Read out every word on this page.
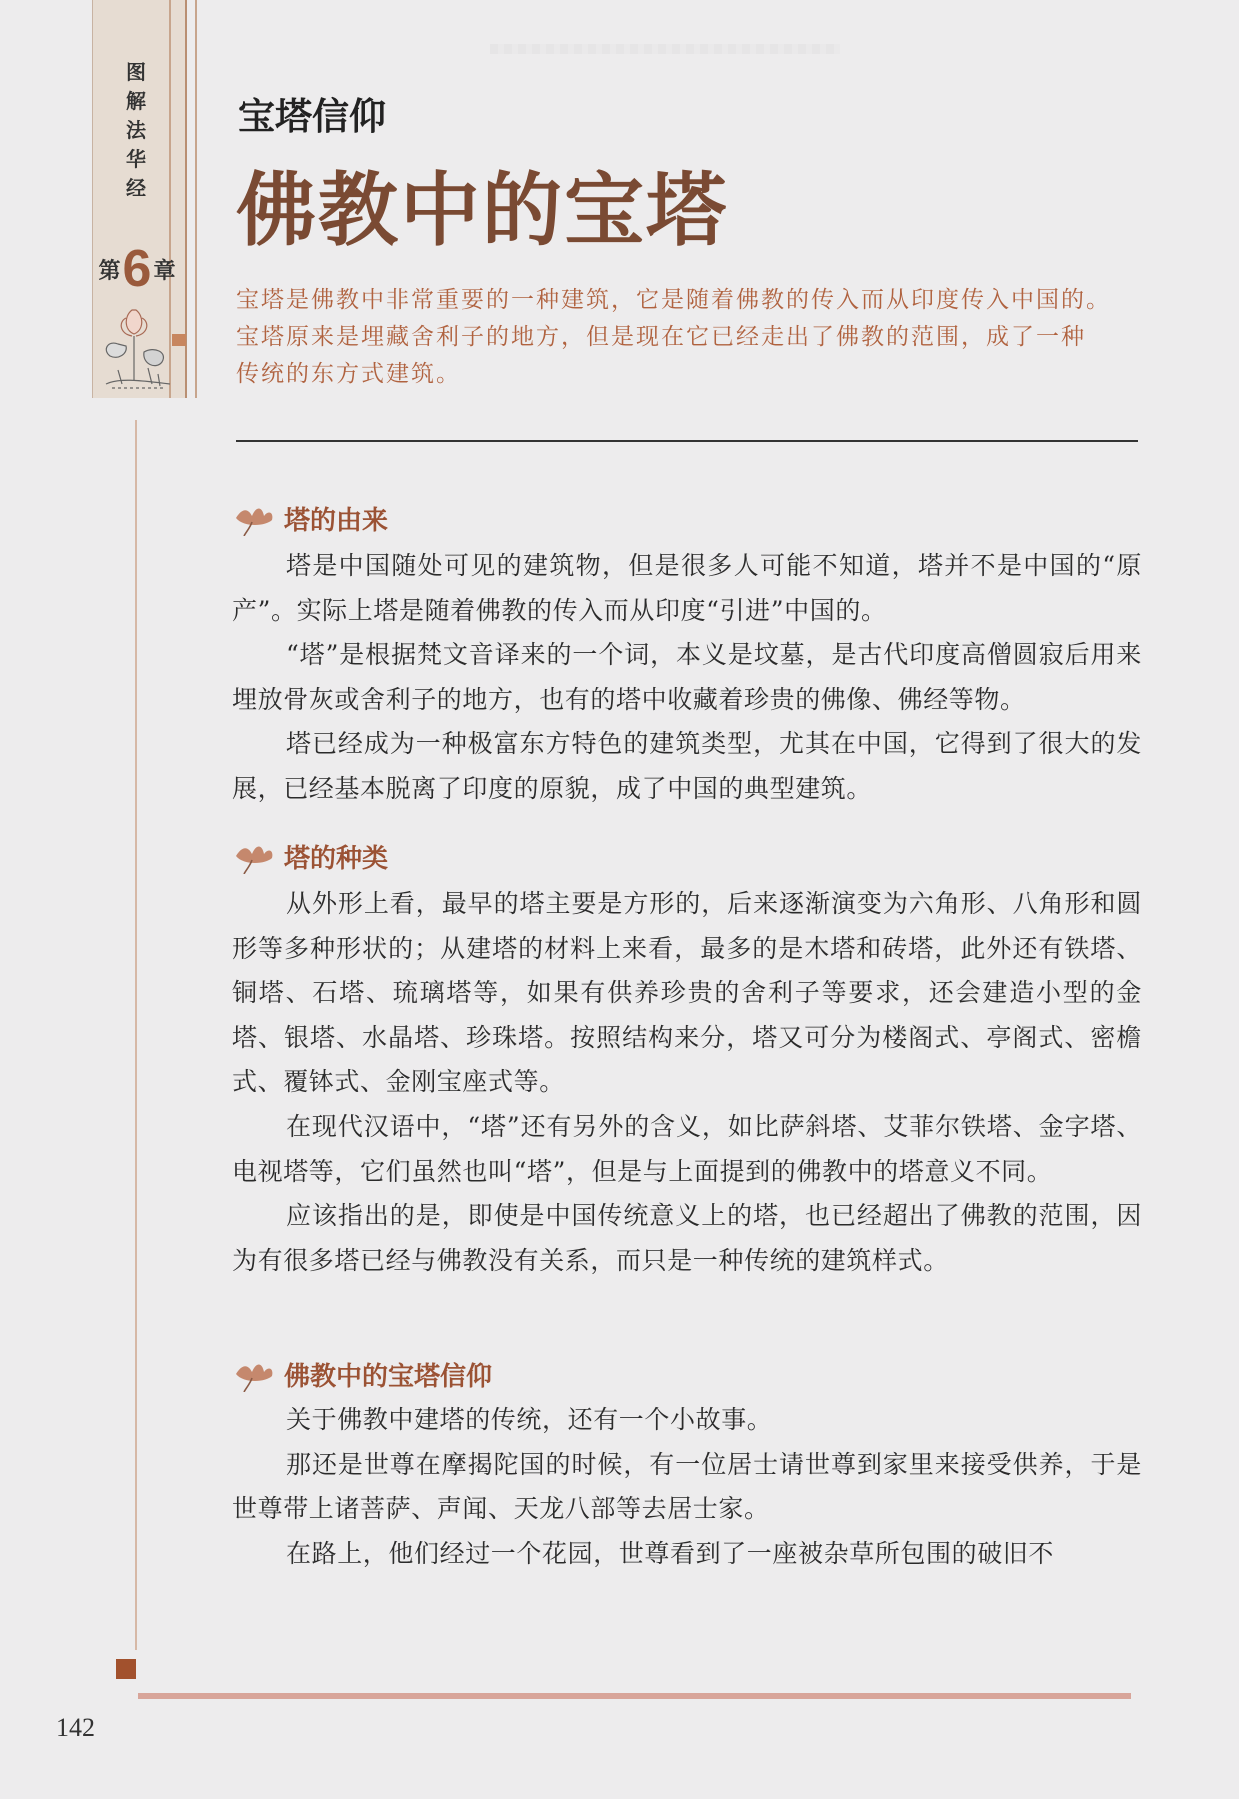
图解法华经
第 6 章
宝塔信仰
佛教中的宝塔

宝塔是佛教中非常重要的一种建筑，它是随着佛教的传入而从印度传入中国的。

宝塔原来是埋藏舍利子的地方，但是现在它已经走出了佛教的范围，成了一种

传统的东方式建筑。

塔的由来

塔是中国随处可见的建筑物，但是很多人可能不知道，塔并不是中国的“原产”。实际上塔是随着佛教的传入而从印度“引进”中国的。

“塔”是根据梵文音译来的一个词，本义是坟墓，是古代印度高僧圆寂后用来埋放骨灰或舍利子的地方，也有的塔中收藏着珍贵的佛像、佛经等物。

塔已经成为一种极富东方特色的建筑类型，尤其在中国，它得到了很大的发展，已经基本脱离了印度的原貌，成了中国的典型建筑。

塔的种类

从外形上看，最早的塔主要是方形的，后来逐渐演变为六角形、八角形和圆形等多种形状的；从建塔的材料上来看，最多的是木塔和砖塔，此外还有铁塔、铜塔、石塔、琉璃塔等，如果有供养珍贵的舍利子等要求，还会建造小型的金塔、银塔、水晶塔、珍珠塔。按照结构来分，塔又可分为楼阁式、亭阁式、密檐式、覆钵式、金刚宝座式等。

在现代汉语中，“塔”还有另外的含义，如比萨斜塔、艾菲尔铁塔、金字塔、电视塔等，它们虽然也叫“塔”，但是与上面提到的佛教中的塔意义不同。

应该指出的是，即使是中国传统意义上的塔，也已经超出了佛教的范围，因为有很多塔已经与佛教没有关系，而只是一种传统的建筑样式。

佛教中的宝塔信仰

关于佛教中建塔的传统，还有一个小故事。

那还是世尊在摩揭陀国的时候，有一位居士请世尊到家里来接受供养，于是世尊带上诸菩萨、声闻、天龙八部等去居士家。

在路上，他们经过一个花园，世尊看到了一座被杂草所包围的破旧不

142
